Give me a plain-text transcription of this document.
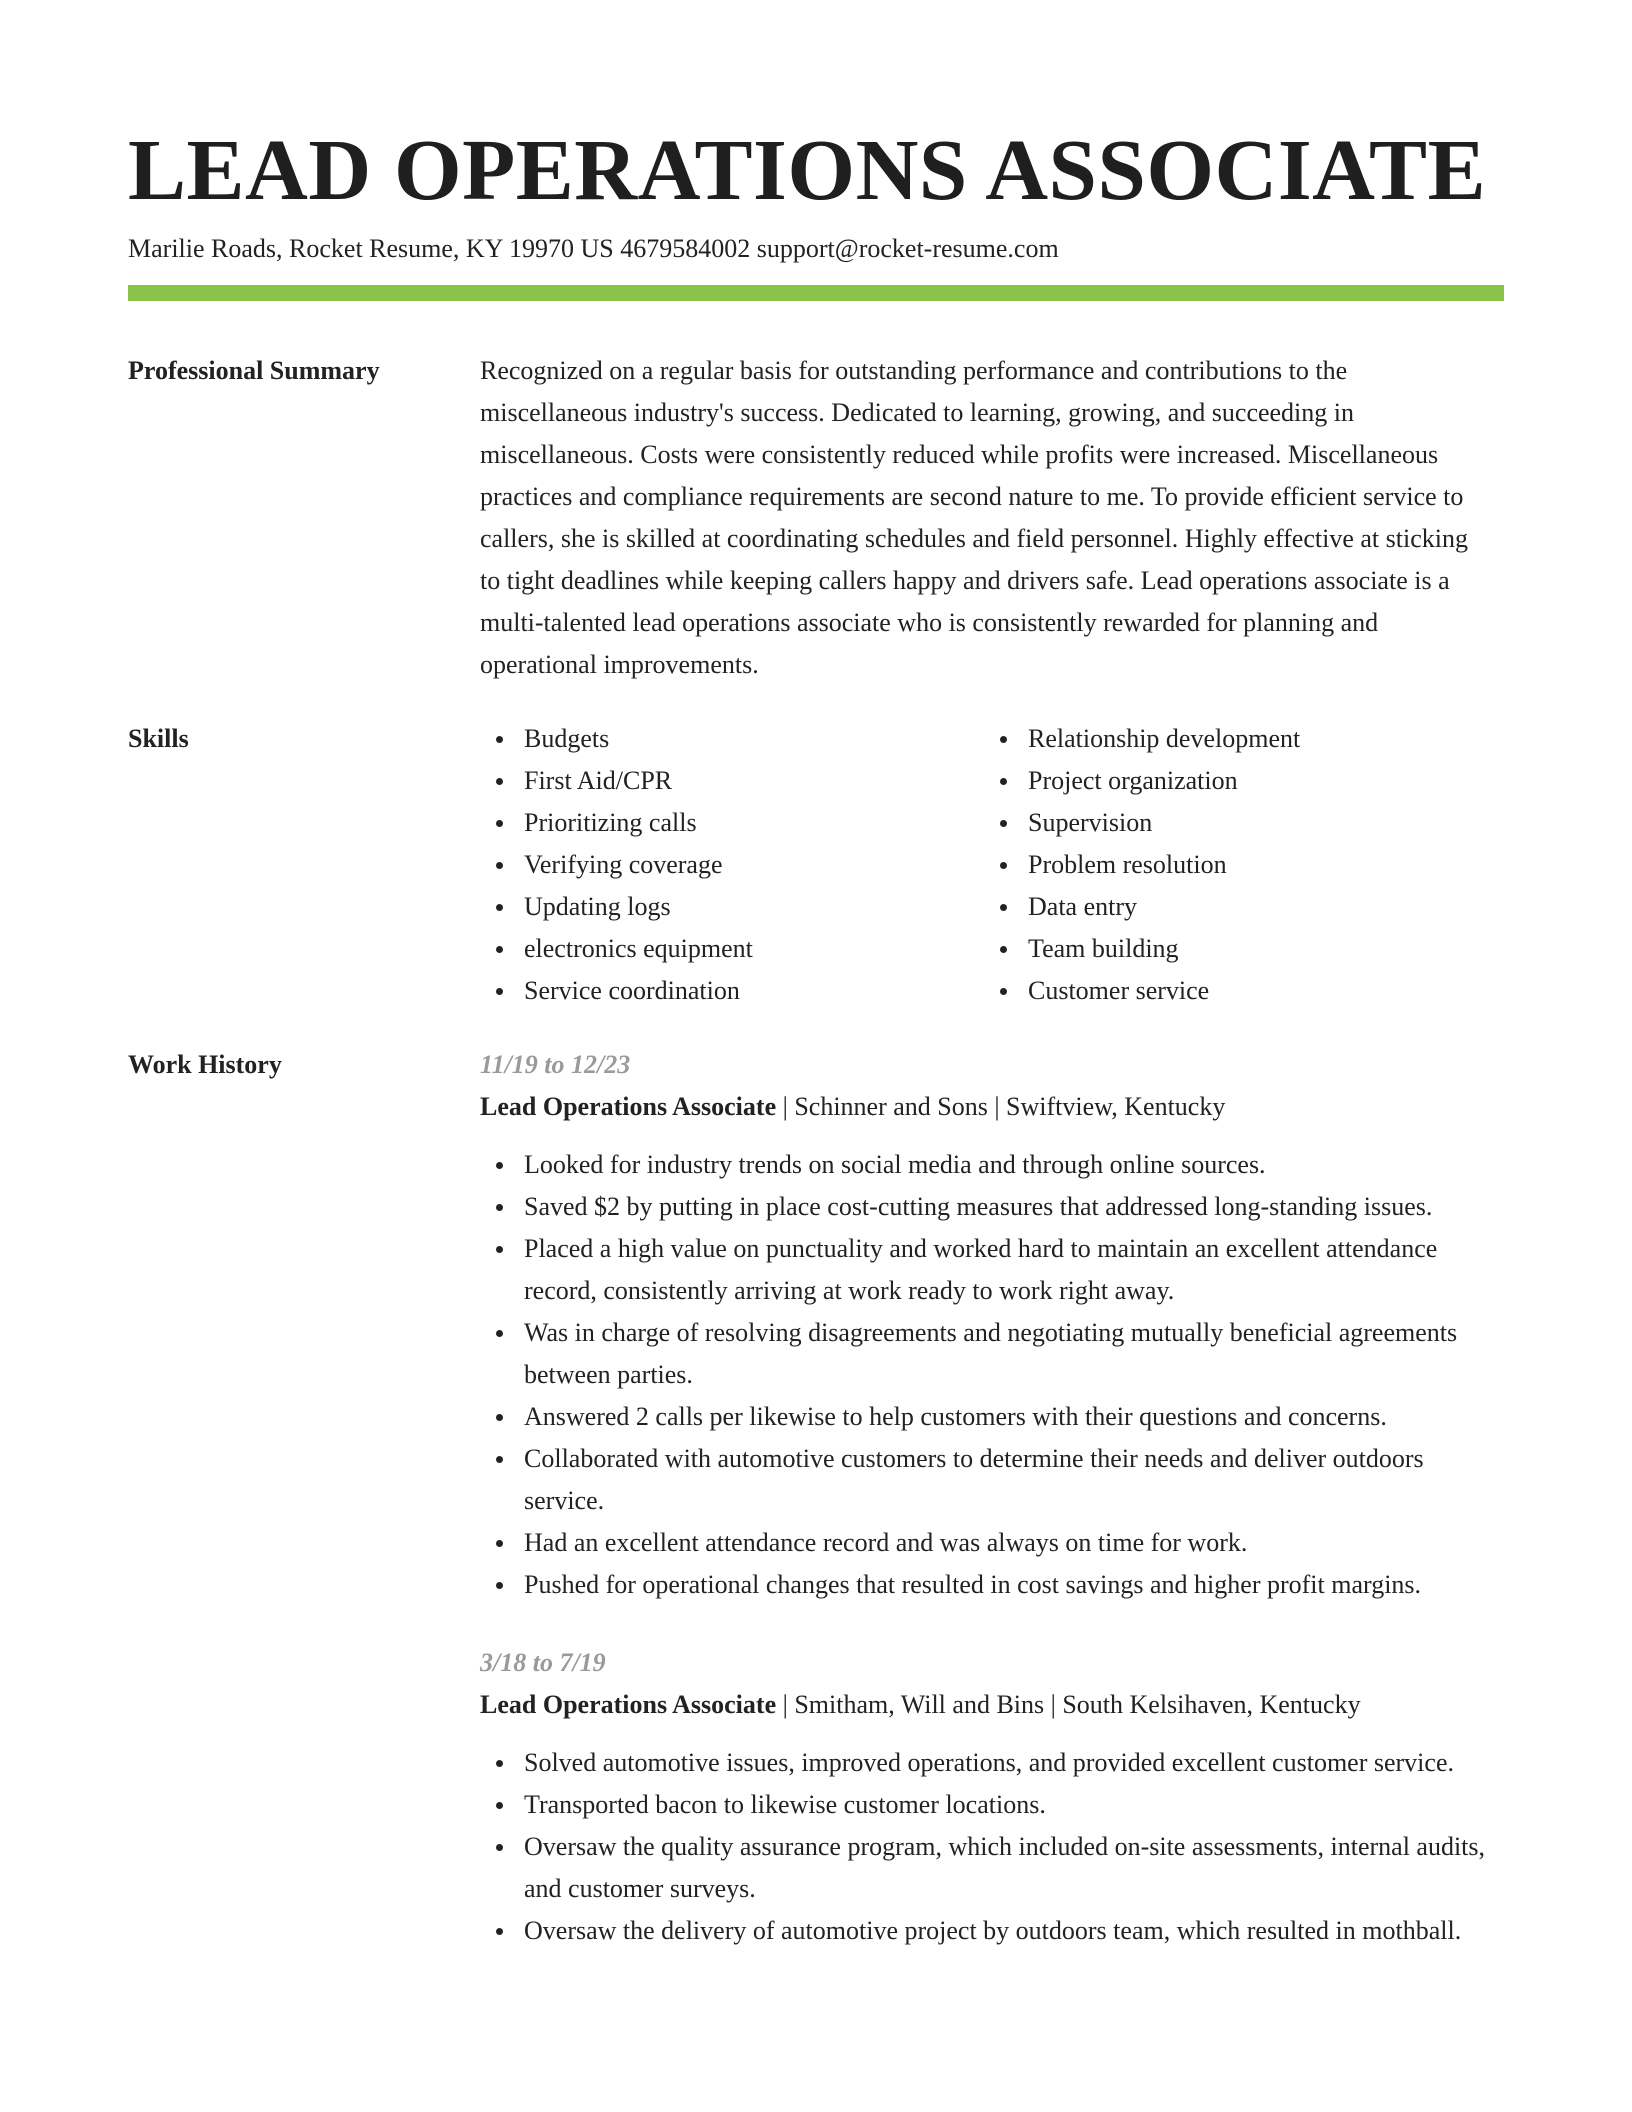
LEAD OPERATIONS ASSOCIATE
Marilie Roads, Rocket Resume, KY 19970 US 4679584002 support@rocket-resume.com
Professional Summary	Recognized on a regular basis for outstanding performance and contributions to the miscellaneous industry's success. Dedicated to learning, growing, and succeeding in miscellaneous. Costs were consistently reduced while profits were increased. Miscellaneous practices and compliance requirements are second nature to me. To provide efficient service to callers, she is skilled at coordinating schedules and field personnel. Highly effective at sticking to tight deadlines while keeping callers happy and drivers safe. Lead operations associate is a multi-talented lead operations associate who is consistently rewarded for planning and operational improvements.

Skills	Budgets
First Aid/CPR
Prioritizing calls
Verifying coverage
Updating logs
electronics equipment
Service coordination
Relationship development
Project organization
Supervision
Problem resolution
Data entry
Team building
Customer service
Work History	11/19 to 12/23
Lead Operations Associate | Schinner and Sons | Swiftview, Kentucky
Looked for industry trends on social media and through online sources.
Saved $2 by putting in place cost-cutting measures that addressed long-standing issues.
Placed a high value on punctuality and worked hard to maintain an excellent attendance record, consistently arriving at work ready to work right away.
Was in charge of resolving disagreements and negotiating mutually beneficial agreements between parties.
Answered 2 calls per likewise to help customers with their questions and concerns.
Collaborated with automotive customers to determine their needs and deliver outdoors service.
Had an excellent attendance record and was always on time for work.
Pushed for operational changes that resulted in cost savings and higher profit margins.
3/18 to 7/19
Lead Operations Associate | Smitham, Will and Bins | South Kelsihaven, Kentucky
Solved automotive issues, improved operations, and provided excellent customer service.
Transported bacon to likewise customer locations.
Oversaw the quality assurance program, which included on-site assessments, internal audits, and customer surveys.
Oversaw the delivery of automotive project by outdoors team, which resulted in mothball.
